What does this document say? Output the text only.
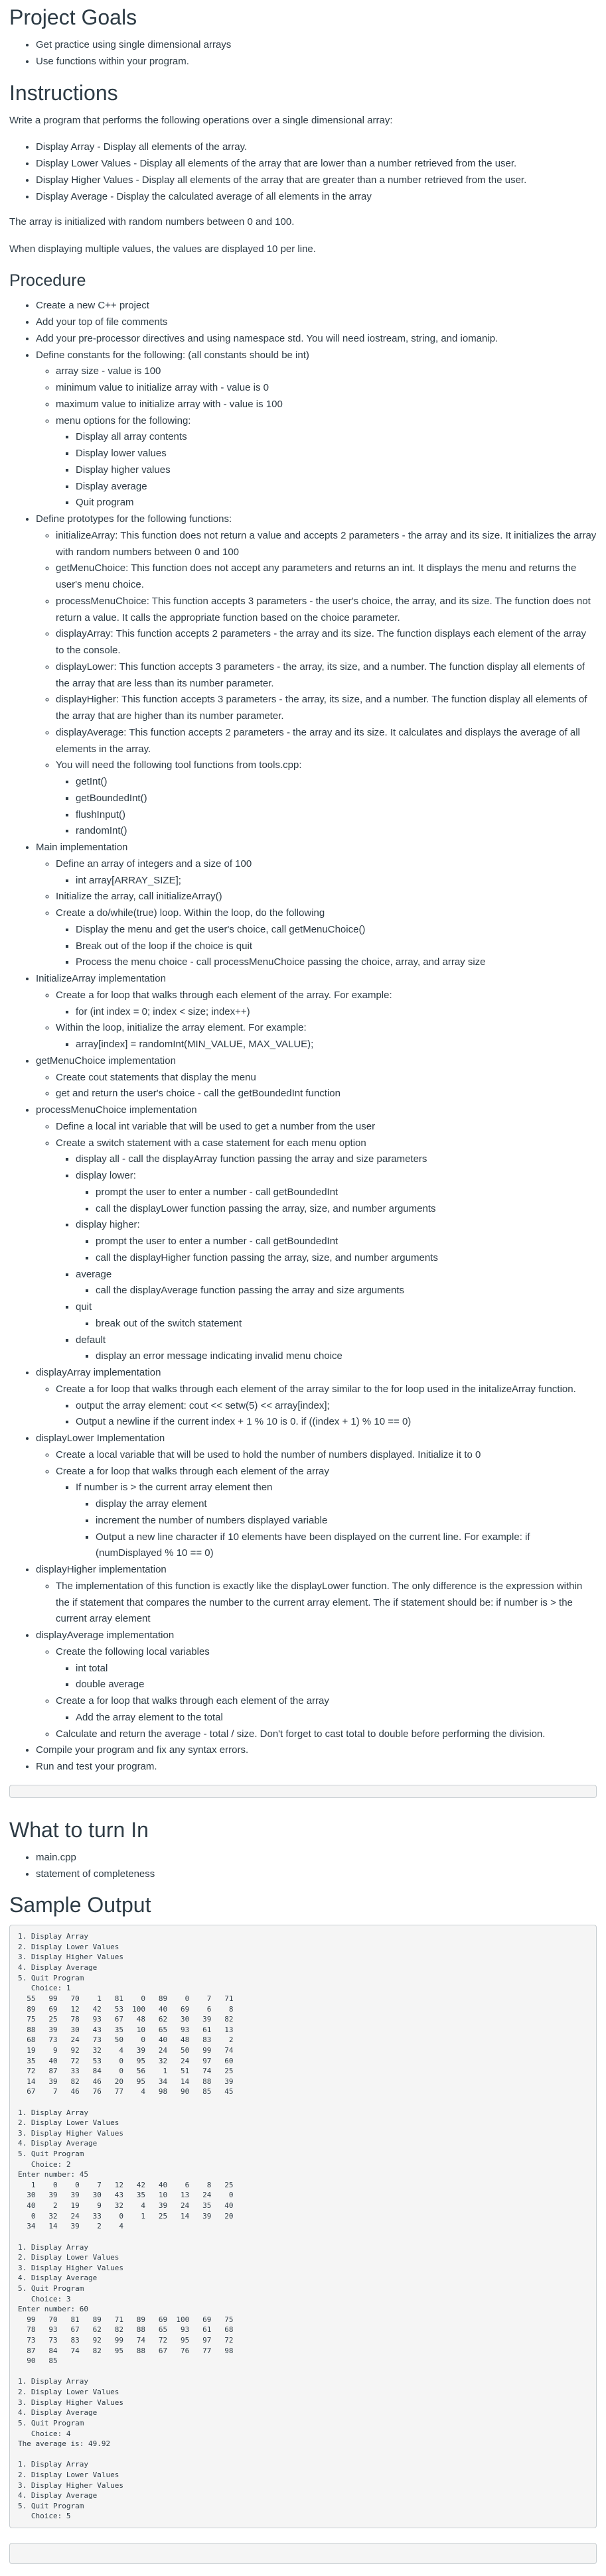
Project Goals
• Get practice using single dimensional arrays
• Use functions within your program.
Instructions

Write a program that performs the following operations over a single dimensional array:

• Display Array - Display all elements of the array.
• Display Lower Values - Display all elements of the array that are lower than a number retrieved from the user.
• Display Higher Values - Display all elements of the array that are greater than a number retrieved from the user.
• Display Average - Display the calculated average of all elements in the array

The array is initialized with random numbers between 0 and 100.

When displaying multiple values, the values are displayed 10 per line.

Procedure
• Create a new C++ project
• Add your top of file comments
• Add your pre-processor directives and using namespace std. You will need iostream, string, and iomanip.
• Define constants for the following: (all constants should be int)
◦ array size - value is 100
◦ minimum value to initialize array with - value is 0
◦ maximum value to initialize array with - value is 100
◦ menu options for the following:
▪ Display all array contents
▪ Display lower values
▪ Display higher values
▪ Display average
▪ Quit program
• Define prototypes for the following functions:
◦ initializeArray: This function does not return a value and accepts 2 parameters - the array and its size. It initializes the array with random numbers between 0 and 100
◦ getMenuChoice: This function does not accept any parameters and returns an int. It displays the menu and returns the user's menu choice.
◦ processMenuChoice: This function accepts 3 parameters - the user's choice, the array, and its size. The function does not return a value. It calls the appropriate function based on the choice parameter.
◦ displayArray: This function accepts 2 parameters - the array and its size. The function displays each element of the array to the console.
◦ displayLower: This function accepts 3 parameters - the array, its size, and a number. The function display all elements of the array that are less than its number parameter.
◦ displayHigher: This function accepts 3 parameters - the array, its size, and a number. The function display all elements of the array that are higher than its number parameter.
◦ displayAverage: This function accepts 2 parameters - the array and its size. It calculates and displays the average of all elements in the array.
◦ You will need the following tool functions from tools.cpp:
▪ getInt()
▪ getBoundedInt()
▪ flushInput()
▪ randomInt()
• Main implementation
◦ Define an array of integers and a size of 100
▪ int array[ARRAY_SIZE];
◦ Initialize the array, call initializeArray()
◦ Create a do/while(true) loop. Within the loop, do the following
▪ Display the menu and get the user's choice, call getMenuChoice()
▪ Break out of the loop if the choice is quit
▪ Process the menu choice - call processMenuChoice passing the choice, array, and array size
• InitializeArray implementation
◦ Create a for loop that walks through each element of the array. For example:
▪ for (int index = 0; index < size; index++)
◦ Within the loop, initialize the array element. For example:
▪ array[index] = randomInt(MIN_VALUE, MAX_VALUE);
• getMenuChoice implementation
◦ Create cout statements that display the menu
◦ get and return the user's choice - call the getBoundedInt function
• processMenuChoice implementation
◦ Define a local int variable that will be used to get a number from the user
◦ Create a switch statement with a case statement for each menu option
▪ display all - call the displayArray function passing the array and size parameters
▪ display lower:
▪ prompt the user to enter a number - call getBoundedInt
▪ call the displayLower function passing the array, size, and number arguments
▪ display higher:
▪ prompt the user to enter a number - call getBoundedInt
▪ call the displayHigher function passing the array, size, and number arguments
▪ average
▪ call the displayAverage function passing the array and size arguments
▪ quit
▪ break out of the switch statement
▪ default
▪ display an error message indicating invalid menu choice
• displayArray implementation
◦ Create a for loop that walks through each element of the array similar to the for loop used in the initalizeArray function.
▪ output the array element: cout << setw(5) << array[index];
▪ Output a newline if the current index + 1 % 10 is 0. if ((index + 1) % 10 == 0)
• displayLower Implementation
◦ Create a local variable that will be used to hold the number of numbers displayed. Initialize it to 0
◦ Create a for loop that walks through each element of the array
▪ If number is > the current array element then
▪ display the array element
▪ increment the number of numbers displayed variable
▪ Output a new line character if 10 elements have been displayed on the current line. For example: if (numDisplayed % 10 == 0)
• displayHigher implementation
◦ The implementation of this function is exactly like the displayLower function. The only difference is the expression within the if statement that compares the number to the current array element. The if statement should be: if number is > the current array element
• displayAverage implementation
◦ Create the following local variables
▪ int total
▪ double average
◦ Create a for loop that walks through each element of the array
▪ Add the array element to the total
◦ Calculate and return the average - total / size. Don't forget to cast total to double before performing the division.
• Compile your program and fix any syntax errors.
• Run and test your program.
What to turn In
• main.cpp
• statement of completeness
Sample Output
1. Display Array
2. Display Lower Values
3. Display Higher Values
4. Display Average
5. Quit Program
Choice: 1
55   99   70    1   81    0   89    0    7   71
89   69   12   42   53  100   40   69    6    8
75   25   78   93   67   48   62   30   39   82
88   39   30   43   35   10   65   93   61   13
68   73   24   73   50    0   40   48   83    2
19    9   92   32    4   39   24   50   99   74
35   40   72   53    0   95   32   24   97   60
72   87   33   84    0   56    1   51   74   25
14   39   82   46   20   95   34   14   88   39
67    7   46   76   77    4   98   90   85   45

1. Display Array
2. Display Lower Values
3. Display Higher Values
4. Display Average
5. Quit Program
Choice: 2
Enter number: 45
1    0    0    7   12   42   40    6    8   25
30   39   39   30   43   35   10   13   24    0
40    2   19    9   32    4   39   24   35   40
0   32   24   33    0    1   25   14   39   20
34   14   39    2    4

1. Display Array
2. Display Lower Values
3. Display Higher Values
4. Display Average
5. Quit Program
Choice: 3
Enter number: 60
99   70   81   89   71   89   69  100   69   75
78   93   67   62   82   88   65   93   61   68
73   73   83   92   99   74   72   95   97   72
87   84   74   82   95   88   67   76   77   98
90   85

1. Display Array
2. Display Lower Values
3. Display Higher Values
4. Display Average
5. Quit Program
Choice: 4
The average is: 49.92

1. Display Array
2. Display Lower Values
3. Display Higher Values
4. Display Average
5. Quit Program
Choice: 5
